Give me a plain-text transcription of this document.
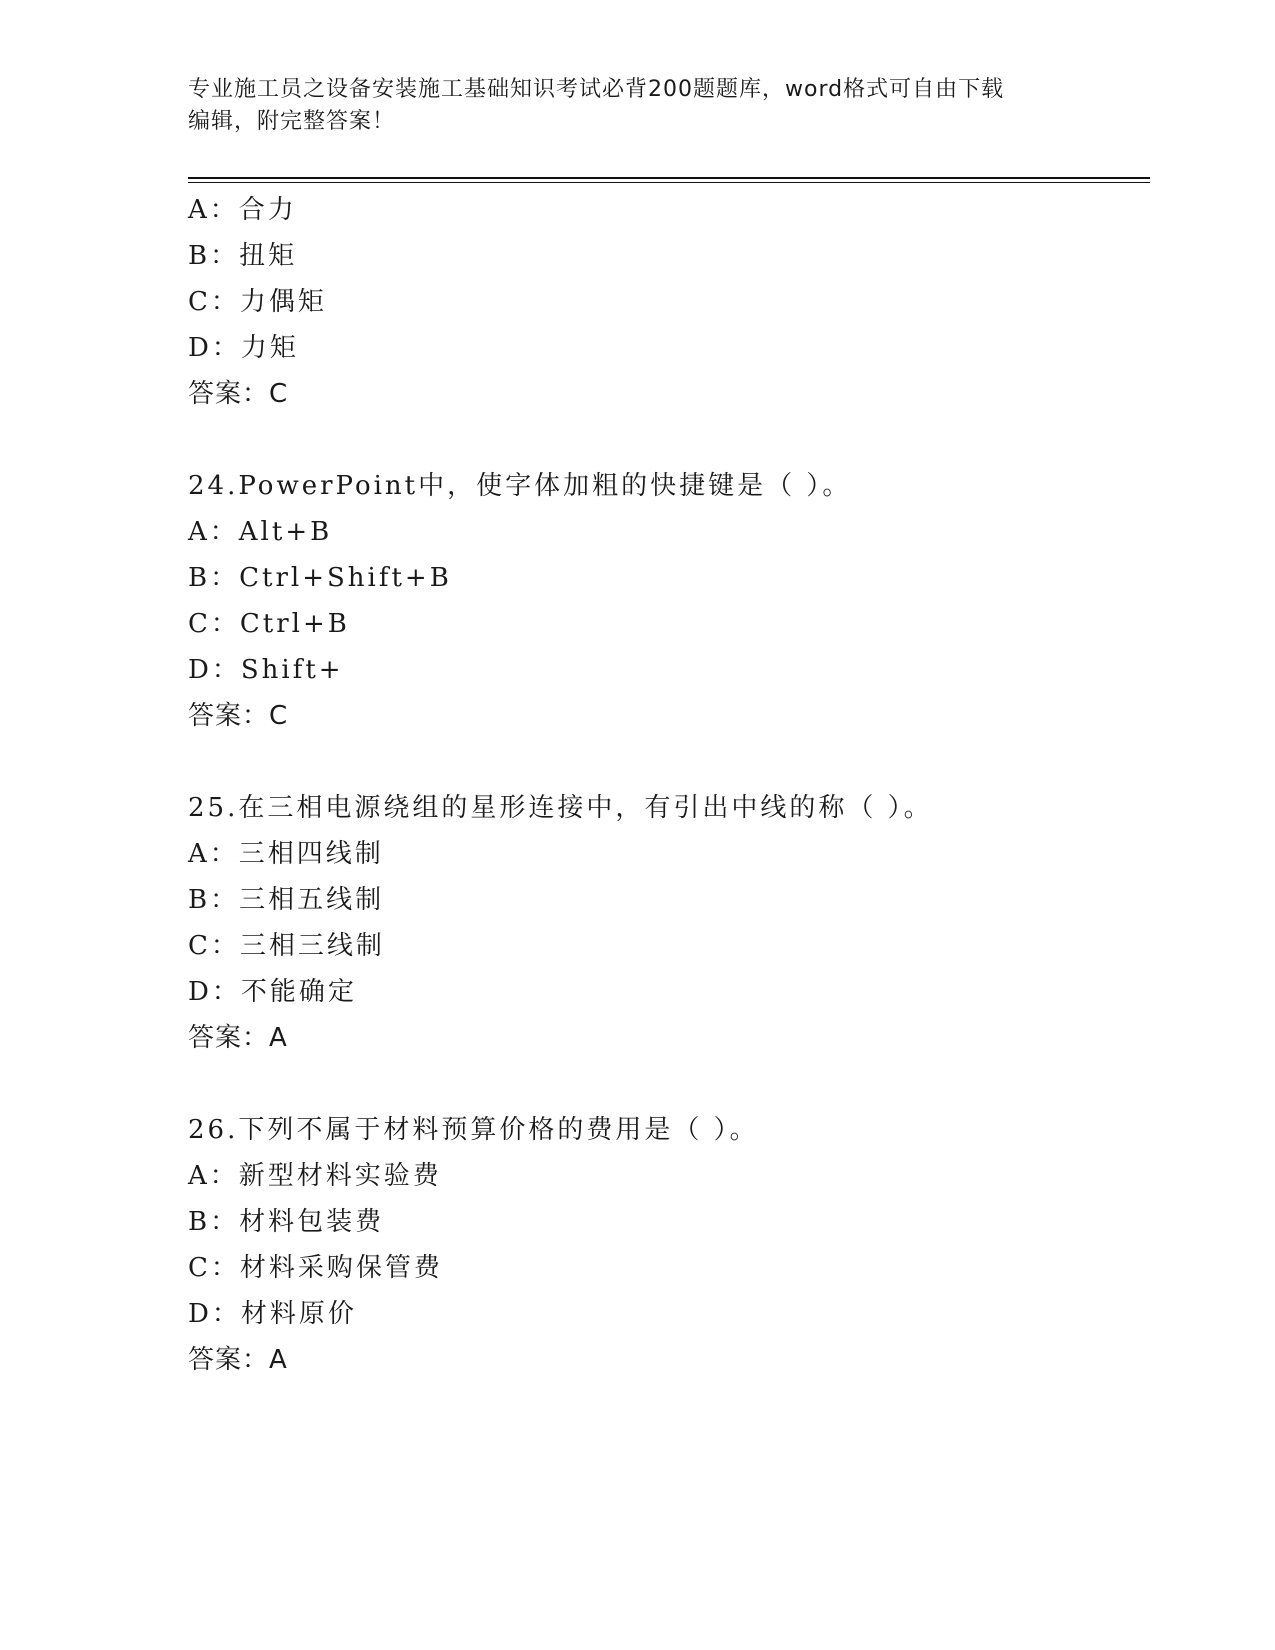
专业施工员之设备安装施工基础知识考试必背200题题库，word格式可自由下载
编辑，附完整答案！
A：合力
B：扭矩
C：力偶矩
D：力矩
答案：C
24.PowerPoint中，使字体加粗的快捷键是（ ）。
A：Alt+B
B：Ctrl+Shift+B
C：Ctrl+B
D：Shift+
答案：C
25.在三相电源绕组的星形连接中，有引出中线的称（ ）。
A：三相四线制
B：三相五线制
C：三相三线制
D：不能确定
答案：A
26.下列不属于材料预算价格的费用是（ ）。
A：新型材料实验费
B：材料包装费
C：材料采购保管费
D：材料原价
答案：A
